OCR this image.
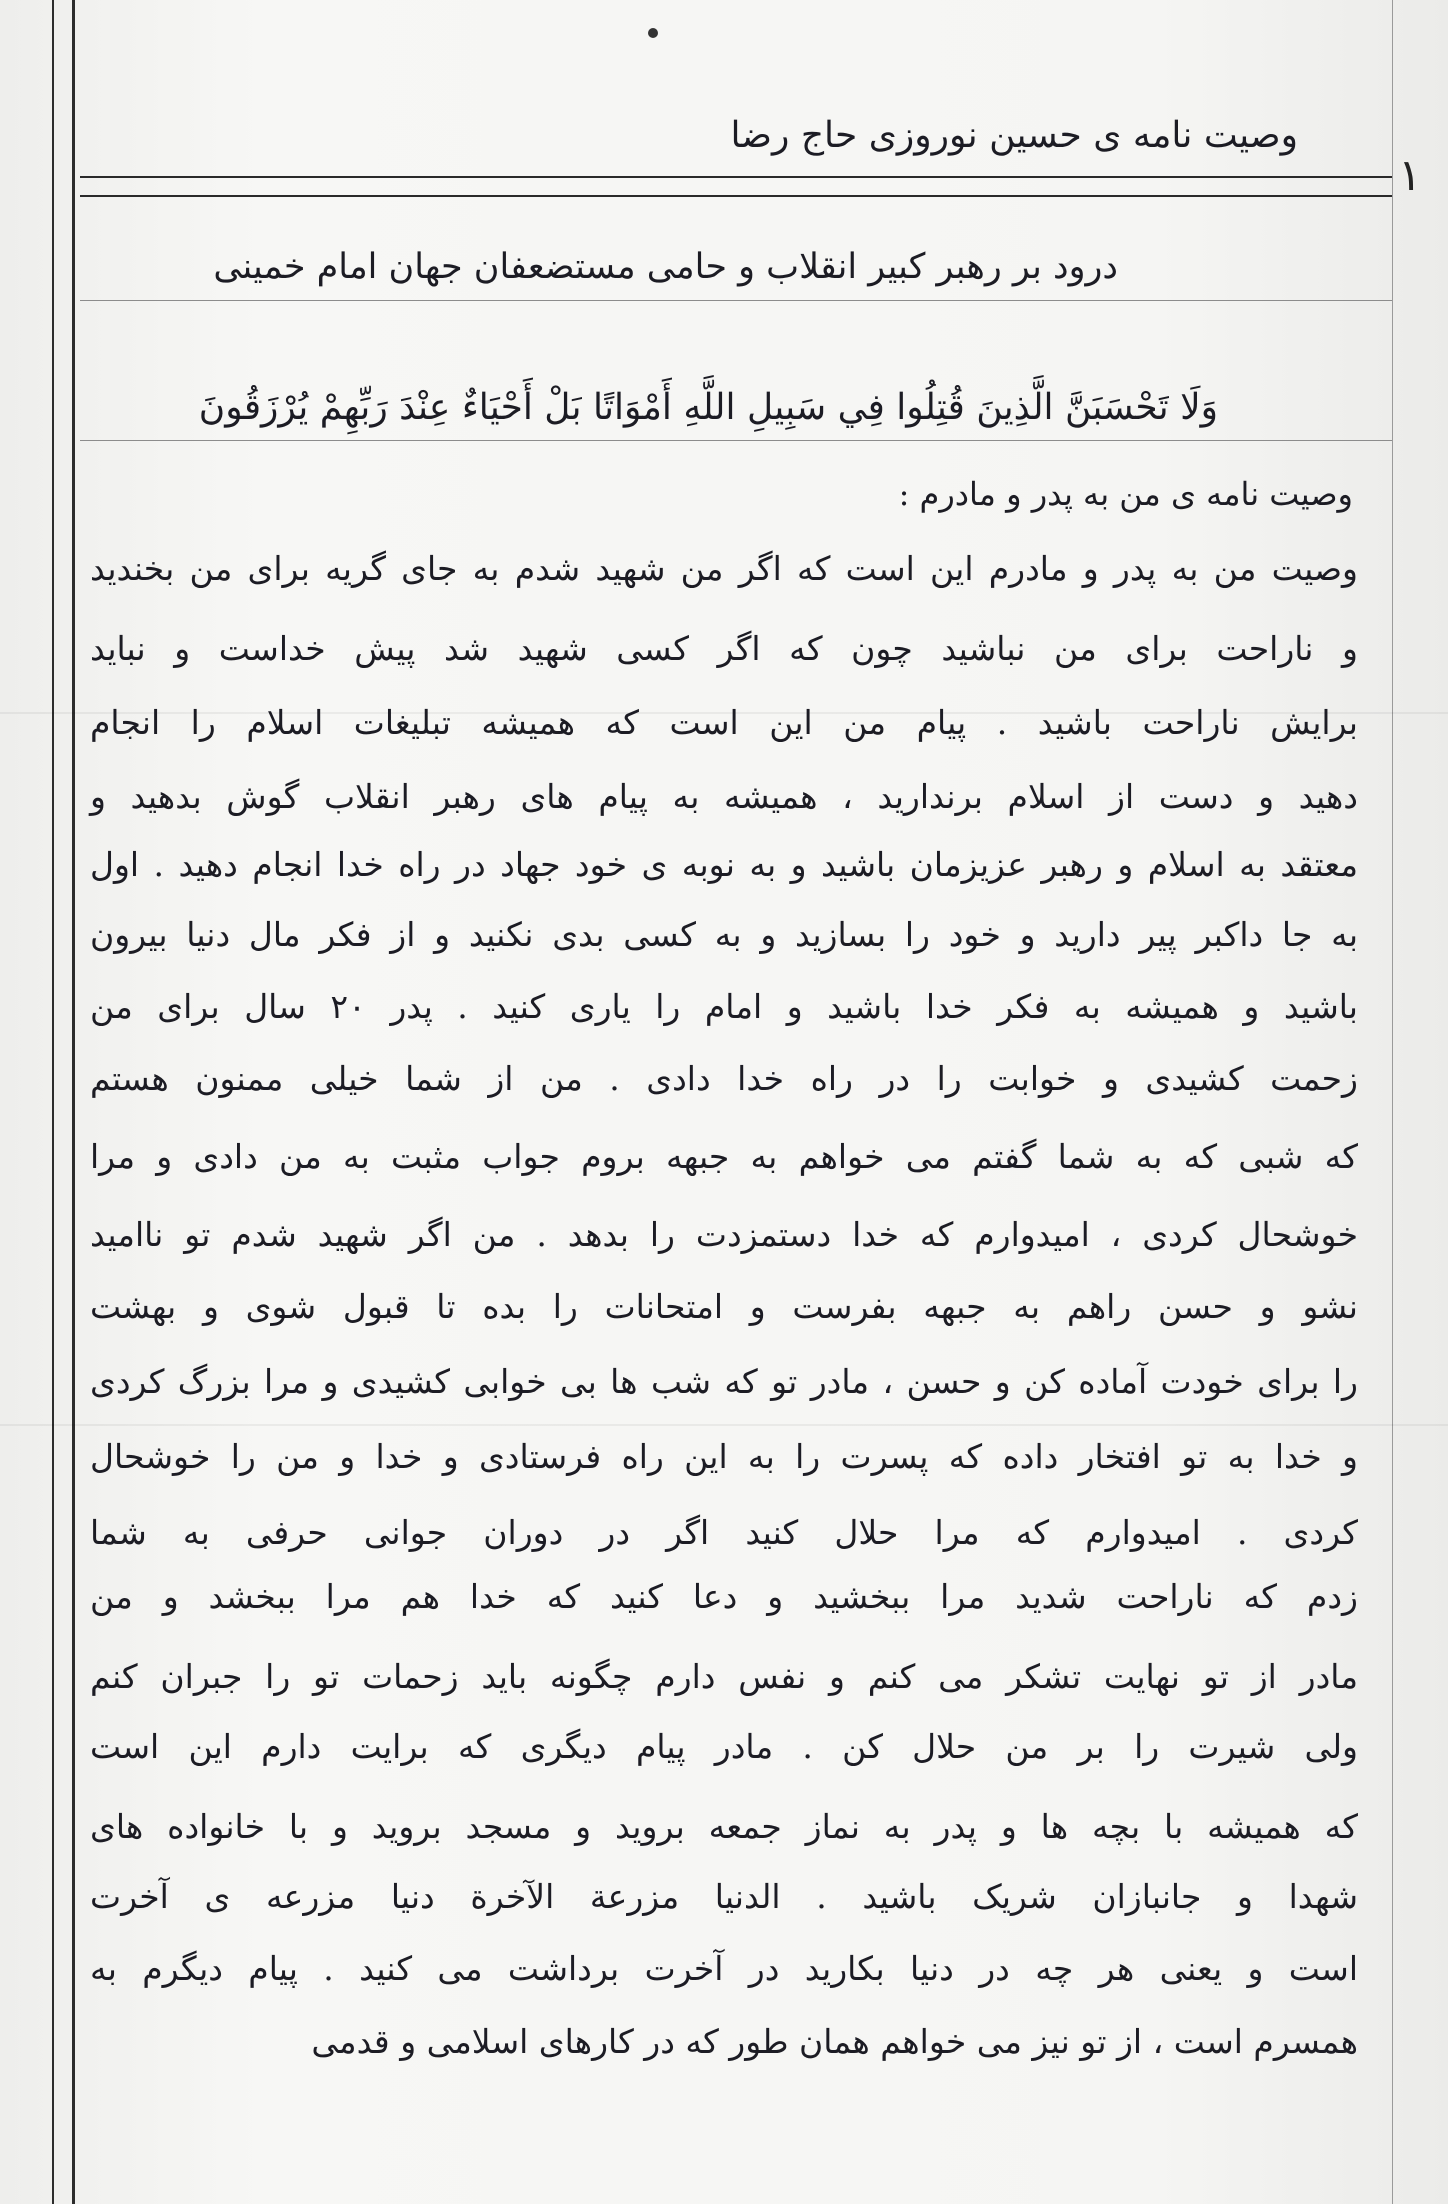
۱
وصیت نامه ی حسین نوروزی حاج رضا
درود بر رهبر کبیر انقلاب و حامی مستضعفان جهان امام خمینی
وَلَا تَحْسَبَنَّ الَّذِينَ قُتِلُوا فِي سَبِيلِ اللَّهِ أَمْوَاتًا بَلْ أَحْيَاءٌ عِنْدَ رَبِّهِمْ يُرْزَقُونَ
وصیت نامه ی من به پدر و مادرم :
وصیت من به پدر و مادرم این است که اگر من شهید شدم به جای گریه برای من بخندید
و ناراحت برای من نباشید چون که اگر کسی شهید شد پیش خداست و نباید
برایش ناراحت باشید . پیام من این است که همیشه تبلیغات اسلام را انجام
دهید و دست از اسلام برندارید ، همیشه به پیام های رهبر انقلاب گوش بدهید و
معتقد به اسلام و رهبر عزیزمان باشید و به نوبه ی خود جهاد در راه خدا انجام دهید . اول
به جا داکبر پیر دارید و خود را بسازید و به کسی بدی نکنید و از فکر مال دنیا بیرون
باشید و همیشه به فکر خدا باشید و امام را یاری کنید . پدر ۲۰ سال برای من
زحمت کشیدی و خوابت را در راه خدا دادی . من از شما خیلی ممنون هستم
که شبی که به شما گفتم می خواهم به جبهه بروم جواب مثبت به من دادی و مرا
خوشحال کردی ، امیدوارم که خدا دستمزدت را بدهد . من اگر شهید شدم تو ناامید
نشو و حسن راهم به جبهه بفرست و امتحانات را بده تا قبول شوی و بهشت
را برای خودت آماده کن و حسن ، مادر تو که شب ها بی خوابی کشیدی و مرا بزرگ کردی
و خدا به تو افتخار داده که پسرت را به این راه فرستادی و خدا و من را خوشحال
کردی . امیدوارم که مرا حلال کنید اگر در دوران جوانی حرفی به شما
زدم که ناراحت شدید مرا ببخشید و دعا کنید که خدا هم مرا ببخشد و من
مادر از تو نهایت تشکر می کنم و نفس دارم چگونه باید زحمات تو را جبران کنم
ولی شیرت را بر من حلال کن . مادر پیام دیگری که برایت دارم این است
که همیشه با بچه ها و پدر به نماز جمعه بروید و مسجد بروید و با خانواده های
شهدا و جانبازان شریک باشید . الدنیا مزرعة الآخرة دنیا مزرعه ی آخرت
است و یعنی هر چه در دنیا بکارید در آخرت برداشت می کنید . پیام دیگرم به
همسرم است ، از تو نیز می خواهم همان طور که در کارهای اسلامی و قدمی
